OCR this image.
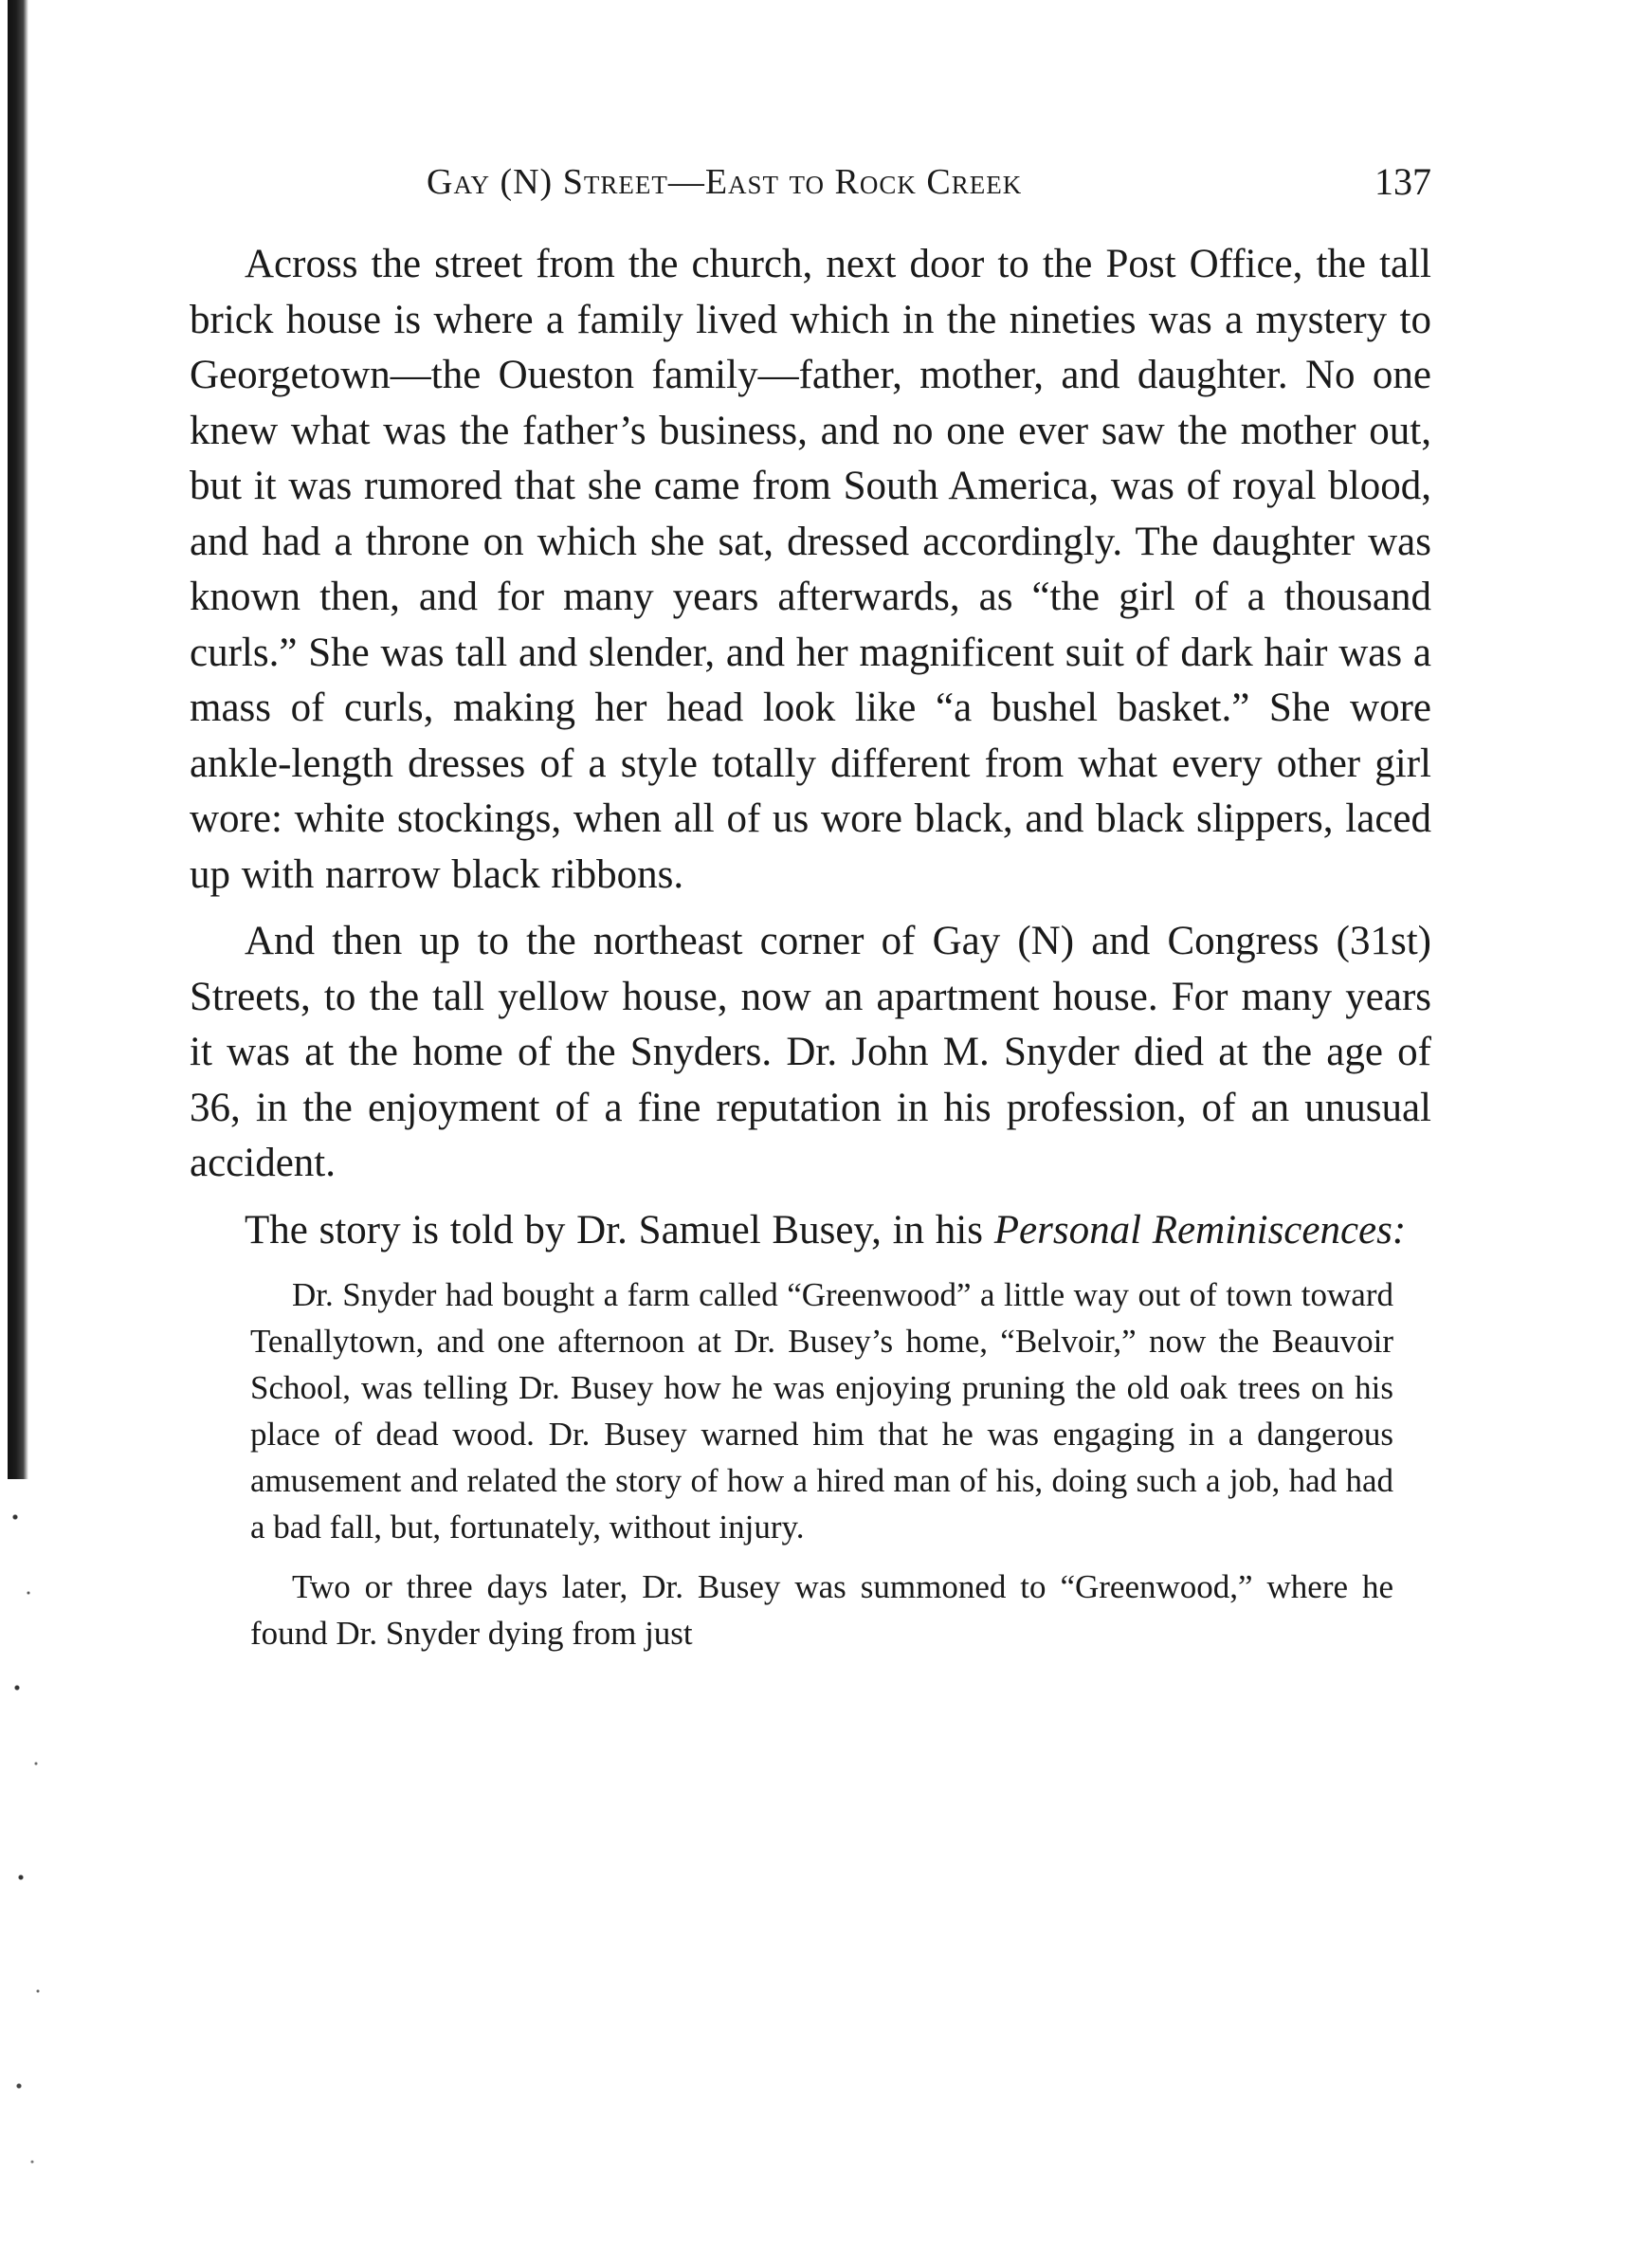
Gay (N) Street—East to Rock Creek	137

Across the street from the church, next door to the Post Office, the tall brick house is where a family lived which in the nineties was a mystery to Georgetown—the Oueston family—father, mother, and daughter. No one knew what was the father’s business, and no one ever saw the mother out, but it was rumored that she came from South America, was of royal blood, and had a throne on which she sat, dressed accordingly. The daughter was known then, and for many years afterwards, as “the girl of a thousand curls.” She was tall and slender, and her magnificent suit of dark hair was a mass of curls, making her head look like “a bushel basket.” She wore ankle-length dresses of a style totally different from what every other girl wore: white stockings, when all of us wore black, and black slippers, laced up with narrow black ribbons.

And then up to the northeast corner of Gay (N) and Congress (31st) Streets, to the tall yellow house, now an apartment house. For many years it was at the home of the Snyders. Dr. John M. Snyder died at the age of 36, in the enjoyment of a fine reputation in his profession, of an unusual accident.

The story is told by Dr. Samuel Busey, in his Personal Reminiscences:

Dr. Snyder had bought a farm called “Greenwood” a little way out of town toward Tenallytown, and one afternoon at Dr. Busey’s home, “Belvoir,” now the Beauvoir School, was telling Dr. Busey how he was enjoying pruning the old oak trees on his place of dead wood. Dr. Busey warned him that he was engaging in a dangerous amusement and related the story of how a hired man of his, doing such a job, had had a bad fall, but, fortunately, without injury.

Two or three days later, Dr. Busey was summoned to “Greenwood,” where he found Dr. Snyder dying from just
